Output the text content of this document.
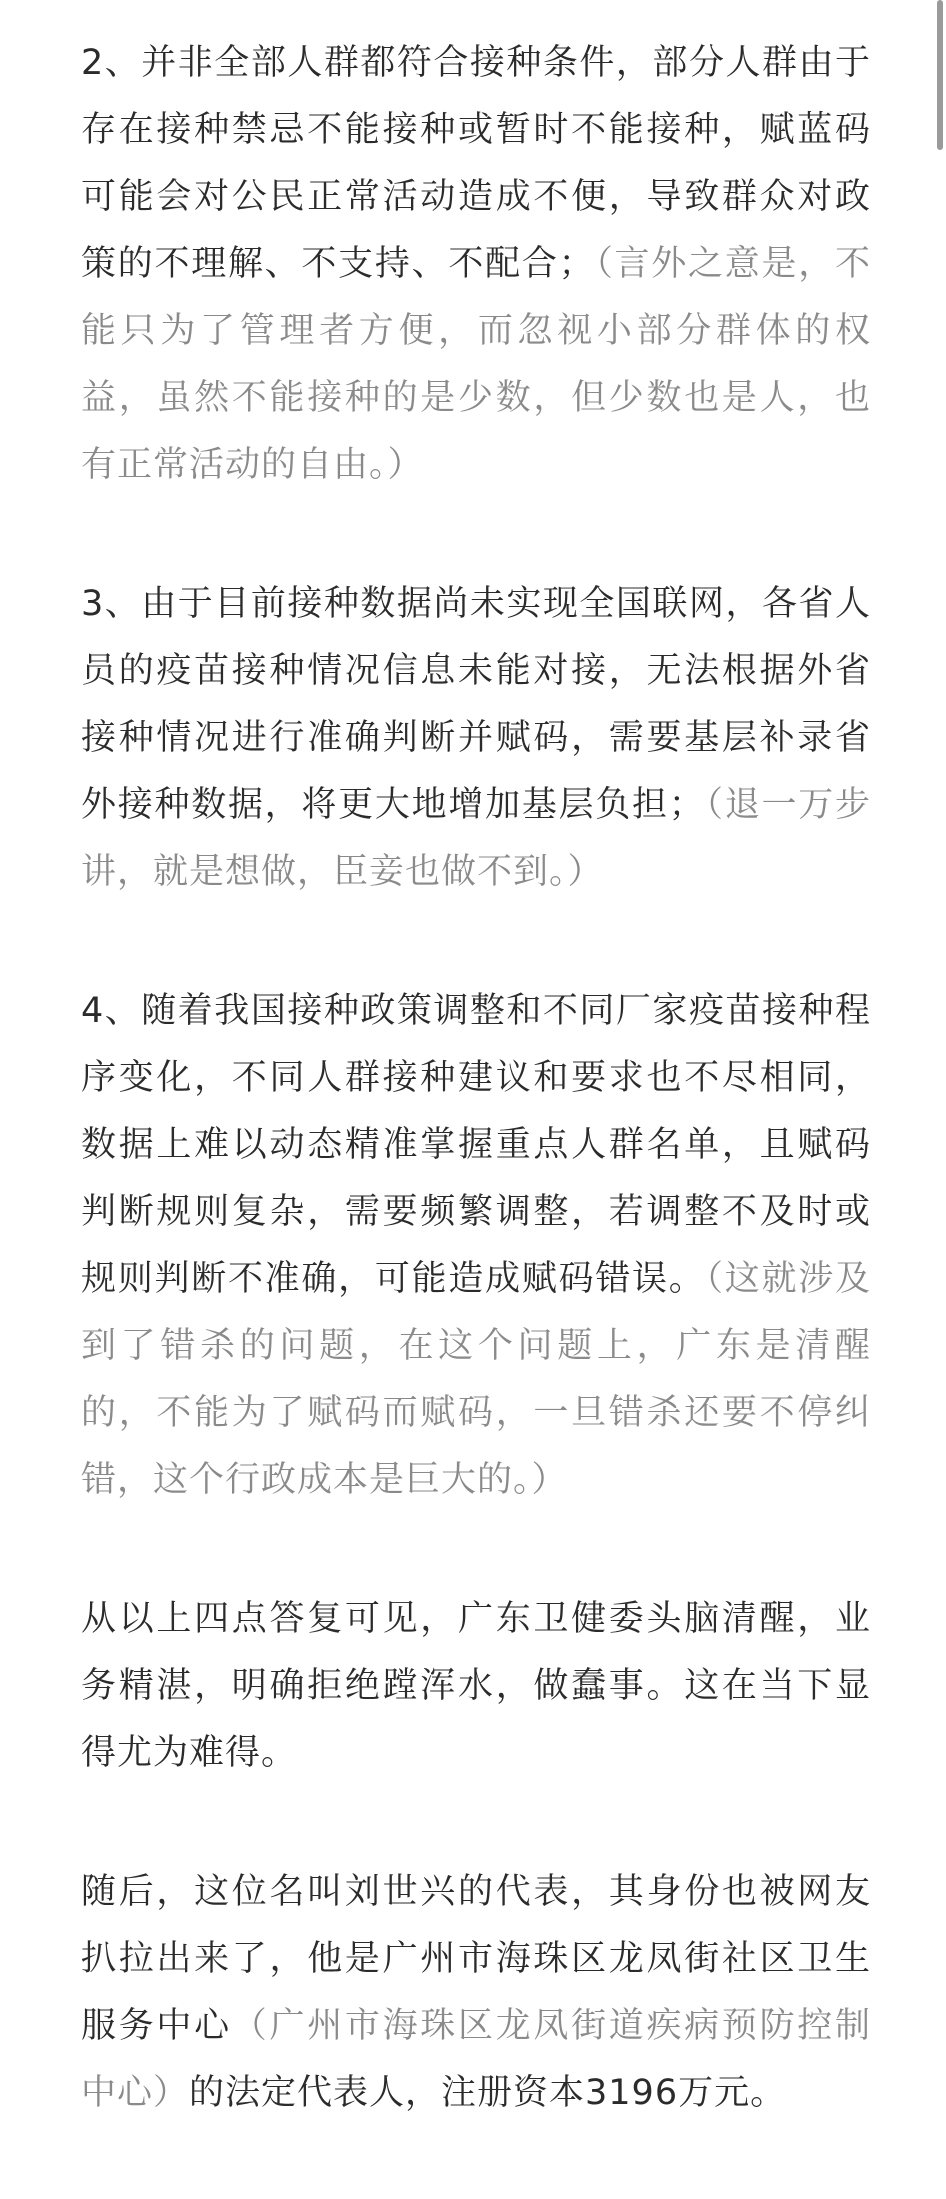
2、并非全部人群都符合接种条件，部分人群由于存在接种禁忌不能接种或暂时不能接种，赋蓝码可能会对公民正常活动造成不便，导致群众对政策的不理解、不支持、不配合；（言外之意是，不能只为了管理者方便，而忽视小部分群体的权益，虽然不能接种的是少数，但少数也是人，也有正常活动的自由。）

3、由于目前接种数据尚未实现全国联网，各省人员的疫苗接种情况信息未能对接，无法根据外省接种情况进行准确判断并赋码，需要基层补录省外接种数据，将更大地增加基层负担；（退一万步讲，就是想做，臣妾也做不到。）

4、随着我国接种政策调整和不同厂家疫苗接种程序变化，不同人群接种建议和要求也不尽相同，数据上难以动态精准掌握重点人群名单，且赋码判断规则复杂，需要频繁调整，若调整不及时或规则判断不准确，可能造成赋码错误。（这就涉及到了错杀的问题，在这个问题上，广东是清醒的，不能为了赋码而赋码，一旦错杀还要不停纠错，这个行政成本是巨大的。）

从以上四点答复可见，广东卫健委头脑清醒，业务精湛，明确拒绝蹚浑水，做蠢事。这在当下显得尤为难得。

随后，这位名叫刘世兴的代表，其身份也被网友扒拉出来了，他是广州市海珠区龙凤街社区卫生服务中心（广州市海珠区龙凤街道疾病预防控制中心）的法定代表人，注册资本3196万元。
